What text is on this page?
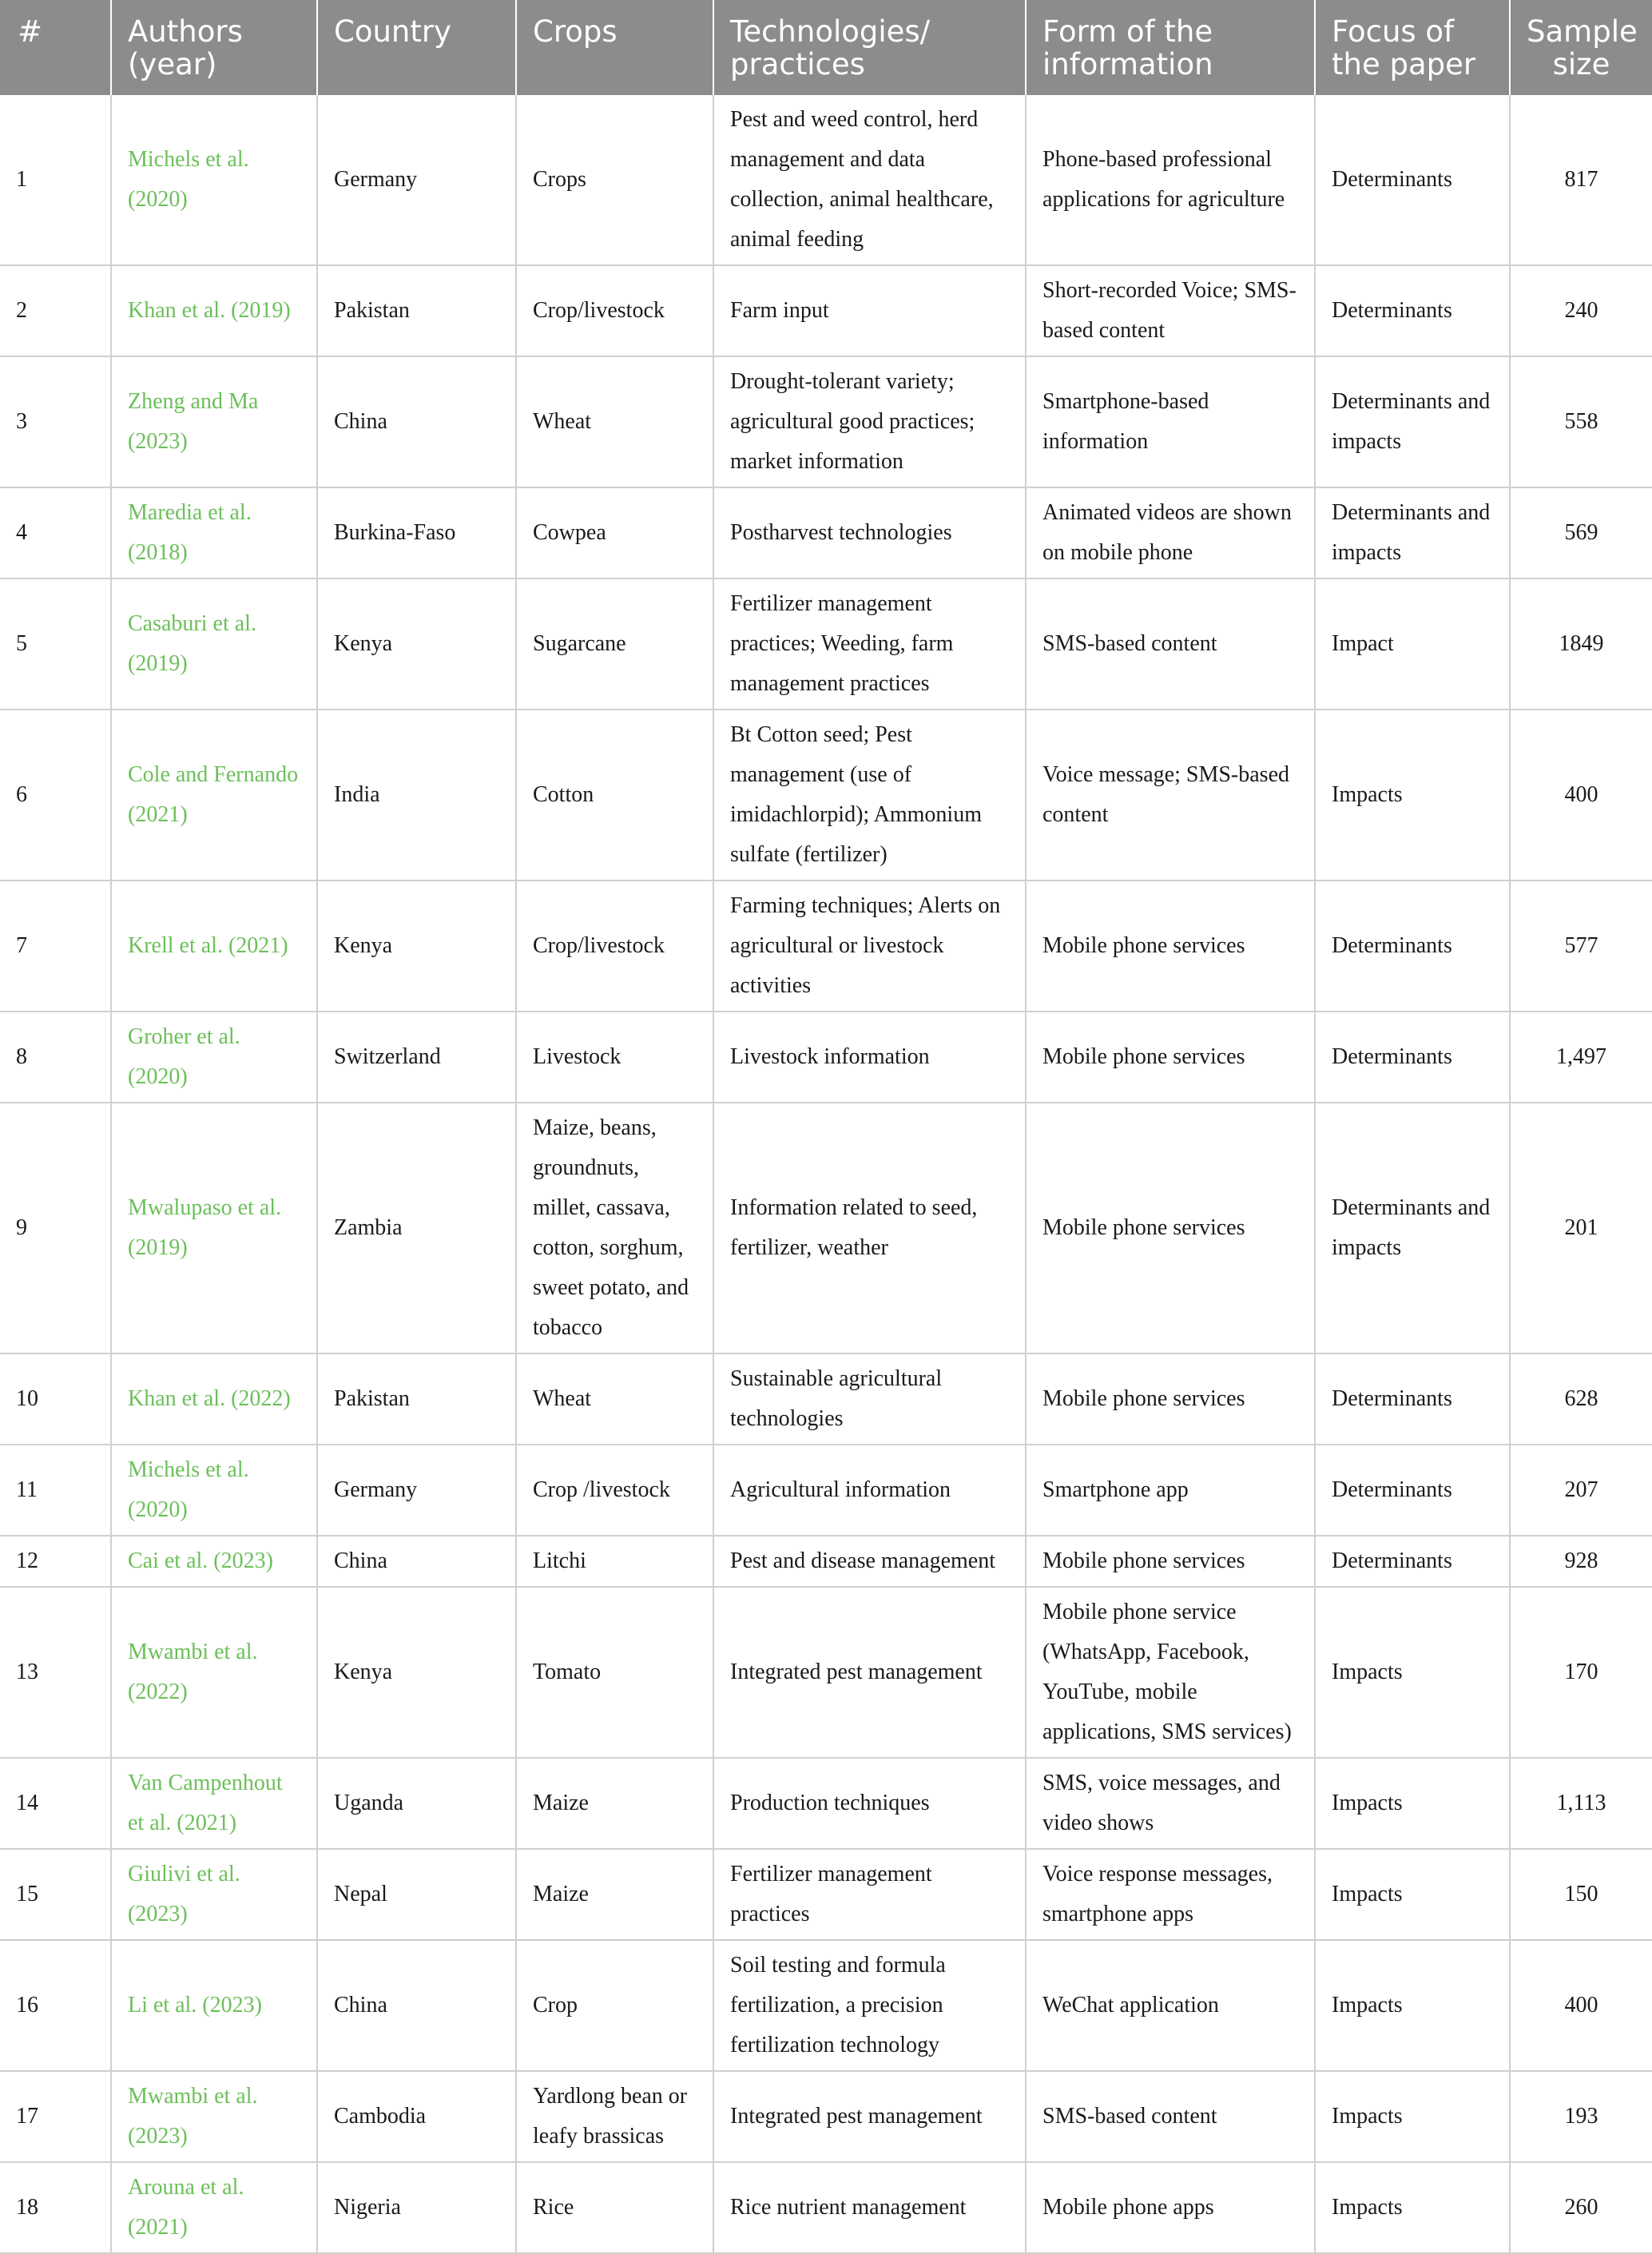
#	Authors (year)	Country	Crops	Technologies/ practices	Form of the information	Focus of the paper	Sample size
1	Michels et al. (2020)	Germany	Crops	Pest and weed control, herd management and data collection, animal healthcare, animal feeding	Phone-based professional applications for agriculture	Determinants	817
2	Khan et al. (2019)	Pakistan	Crop/livestock	Farm input	Short-recorded Voice; SMS-based content	Determinants	240
3	Zheng and Ma (2023)	China	Wheat	Drought-tolerant variety; agricultural good practices; market information	Smartphone-based information	Determinants and impacts	558
4	Maredia et al. (2018)	Burkina-Faso	Cowpea	Postharvest technologies	Animated videos are shown on mobile phone	Determinants and impacts	569
5	Casaburi et al. (2019)	Kenya	Sugarcane	Fertilizer management practices; Weeding, farm management practices	SMS-based content	Impact	1849
6	Cole and Fernando (2021)	India	Cotton	Bt Cotton seed; Pest management (use of imidachlorpid); Ammonium sulfate (fertilizer)	Voice message; SMS-based content	Impacts	400
7	Krell et al. (2021)	Kenya	Crop/livestock	Farming techniques; Alerts on agricultural or livestock activities	Mobile phone services	Determinants	577
8	Groher et al. (2020)	Switzerland	Livestock	Livestock information	Mobile phone services	Determinants	1,497
9	Mwalupaso et al. (2019)	Zambia	Maize, beans, groundnuts, millet, cassava, cotton, sorghum, sweet potato, and tobacco	Information related to seed, fertilizer, weather	Mobile phone services	Determinants and impacts	201
10	Khan et al. (2022)	Pakistan	Wheat	Sustainable agricultural technologies	Mobile phone services	Determinants	628
11	Michels et al. (2020)	Germany	Crop /livestock	Agricultural information	Smartphone app	Determinants	207
12	Cai et al. (2023)	China	Litchi	Pest and disease management	Mobile phone services	Determinants	928
13	Mwambi et al. (2022)	Kenya	Tomato	Integrated pest management	Mobile phone service (WhatsApp, Facebook, YouTube, mobile applications, SMS services)	Impacts	170
14	Van Campenhout et al. (2021)	Uganda	Maize	Production techniques	SMS, voice messages, and video shows	Impacts	1,113
15	Giulivi et al. (2023)	Nepal	Maize	Fertilizer management practices	Voice response messages, smartphone apps	Impacts	150
16	Li et al. (2023)	China	Crop	Soil testing and formula fertilization, a precision fertilization technology	WeChat application	Impacts	400
17	Mwambi et al. (2023)	Cambodia	Yardlong bean or leafy brassicas	Integrated pest management	SMS-based content	Impacts	193
18	Arouna et al. (2021)	Nigeria	Rice	Rice nutrient management	Mobile phone apps	Impacts	260
